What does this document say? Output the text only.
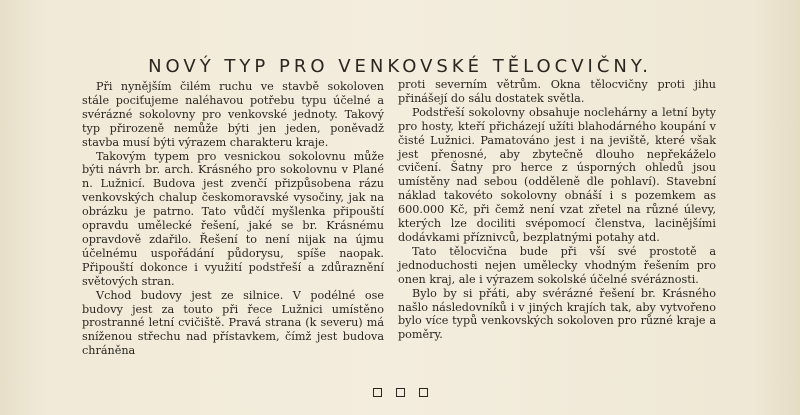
NOVÝ TYP PRO VENKOVSKÉ TĚLOCVIČNY.

Při nynějším čilém ruchu ve stavbě sokoloven stále pociťujeme naléhavou potřebu typu účelné a svérázné sokolovny pro venkovské jednoty. Takový typ přirozeně nemůže býti jen jeden, poněvadž stavba musí býti výrazem charakteru kraje.

Takovým typem pro vesnickou sokolovnu může býti návrh br. arch. Krásného pro sokolovnu v Plané n. Lužnicí. Budova jest zvenčí přizpůsobena rázu venkovských chalup českomoravské vysočiny, jak na obrázku je patrno. Tato vůdčí myšlenka připouští opravdu umělecké řešení, jaké se br. Krásnému opravdově zdařilo. Řešení to není nijak na újmu účelnému uspořádání půdorysu, spíše naopak. Připouští dokonce i využití podstřeší a zdůraznění světových stran.

Vchod budovy jest ze silnice. V podélné ose budovy jest za touto při řece Lužnici umístěno prostranné letní cvičiště. Pravá strana (k severu) má sníženou střechu nad přístavkem, čímž jest budova chráněna

proti severním větrům. Okna tělocvičny proti jihu přinášejí do sálu dostatek světla.

Podstřeší sokolovny obsahuje noclehárny a letní byty pro hosty, kteří přicházejí užíti blahodárného koupání v čisté Lužnici. Pamatováno jest i na jeviště, které však jest přenosné, aby zbytečně dlouho nepřekáželo cvičení. Šatny pro herce z úsporných ohledů jsou umístěny nad sebou (odděleně dle pohlaví). Stavební náklad takovéto sokolovny obnáší i s pozemkem as 600.000 Kč, při čemž není vzat zřetel na různé úlevy, kterých lze dociliti svépomocí členstva, lacinějšími dodávkami příznivců, bezplatnými potahy atd.

Tato tělocvična bude při vší své prostotě a jednoduchosti nejen umělecky vhodným řešením pro onen kraj, ale i výrazem sokolské účelné svéráznosti.

Bylo by si přáti, aby svérázné řešení br. Krásného našlo následovníků i v jiných krajích tak, aby vytvořeno bylo více typů venkovských sokoloven pro různé kraje a poměry.
